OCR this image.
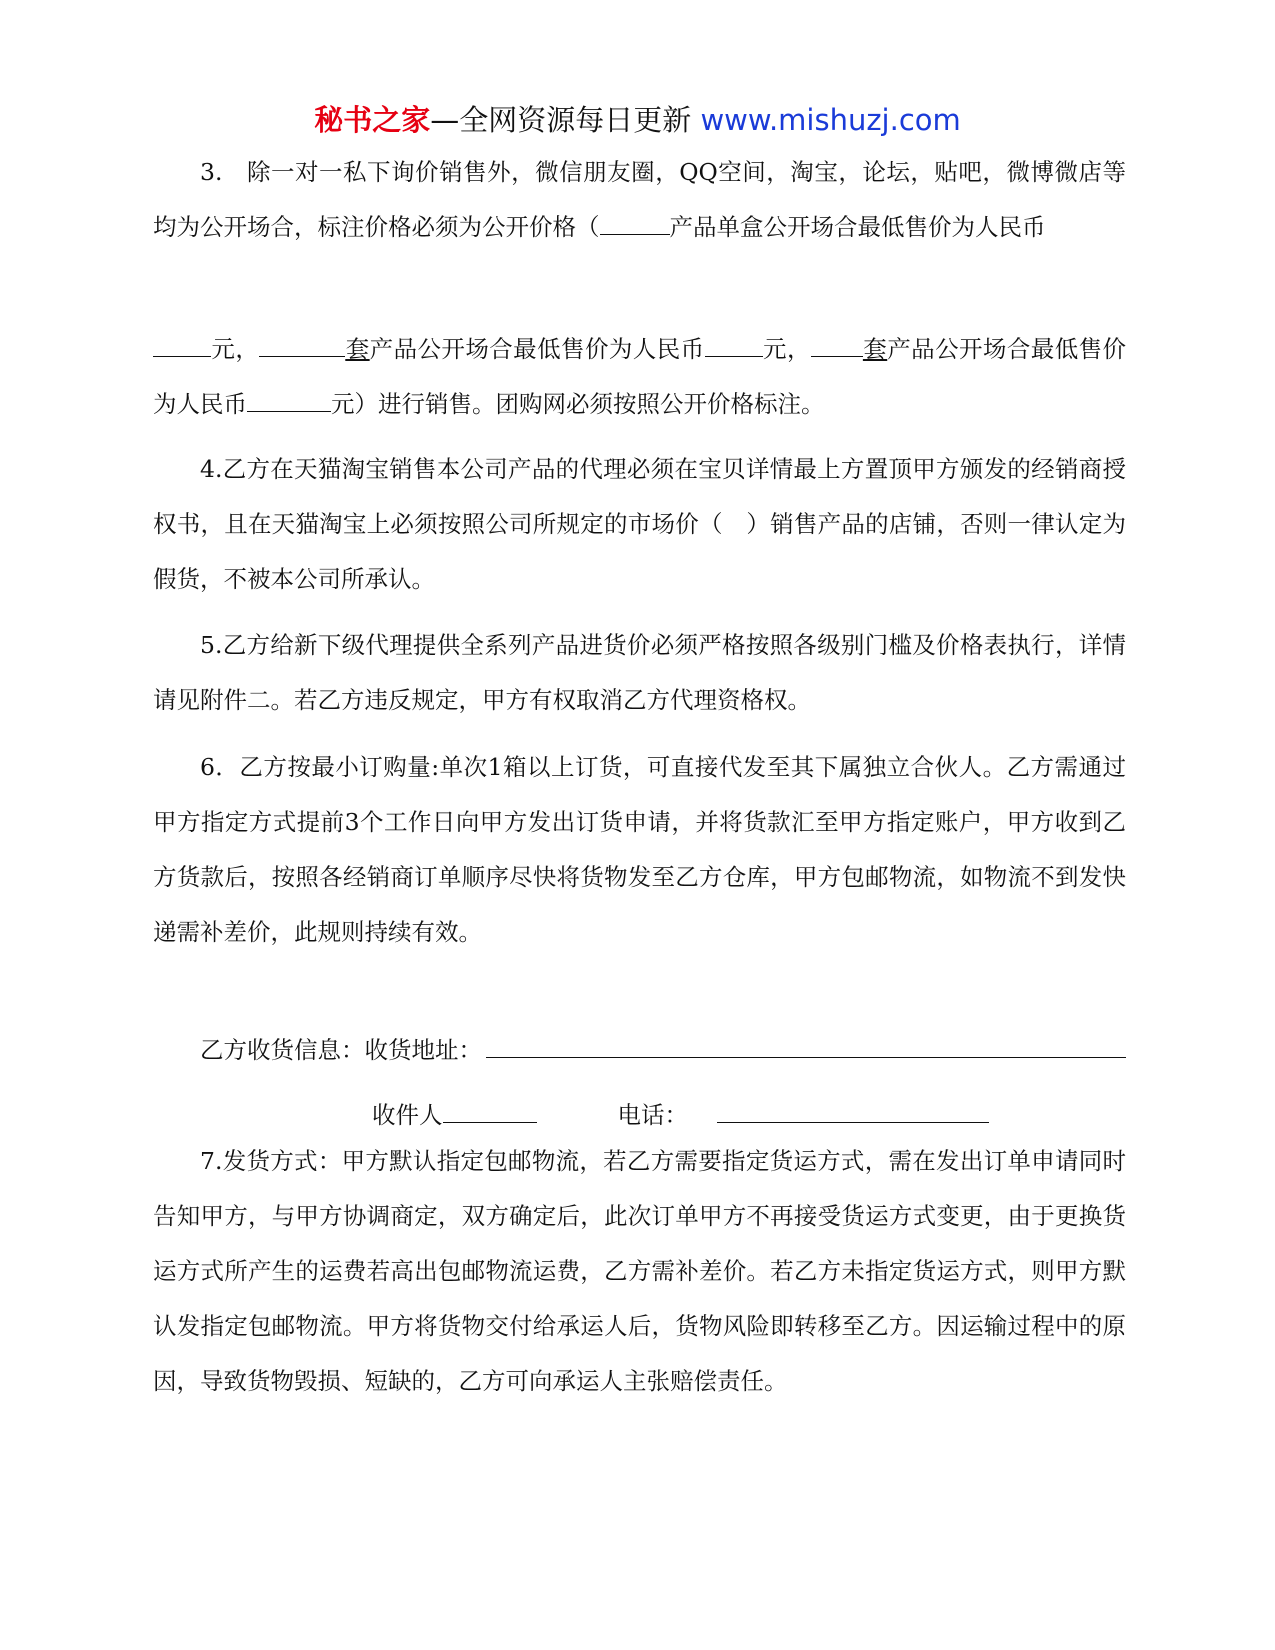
秘书之家—全网资源每日更新 www.mishuzj.com

3.　除一对一私下询价销售外，微信朋友圈，QQ空间，淘宝，论坛，贴吧，微博微店等均为公开场合，标注价格必须为公开价格（	产品单盒公开场合最低售价为人民币

元，	套产品公开场合最低售价为人民币 元， 套产品公开场合最低售价为人民币	元）进行销售。团购网必须按照公开价格标注。

4.乙方在天猫淘宝销售本公司产品的代理必须在宝贝详情最上方置顶甲方颁发的经销商授权书，且在天猫淘宝上必须按照公司所规定的市场价（　）销售产品的店铺，否则一律认定为假货，不被本公司所承认。

5.乙方给新下级代理提供全系列产品进货价必须严格按照各级别门槛及价格表执行，详情请见附件二。若乙方违反规定，甲方有权取消乙方代理资格权。

6．乙方按最小订购量:单次1箱以上订货，可直接代发至其下属独立合伙人。乙方需通过甲方指定方式提前3个工作日向甲方发出订货申请，并将货款汇至甲方指定账户，甲方收到乙方货款后，按照各经销商订单顺序尽快将货物发至乙方仓库，甲方包邮物流，如物流不到发快递需补差价，此规则持续有效。

乙方收货信息：收货地址：
收件人	电话：

7.发货方式：甲方默认指定包邮物流，若乙方需要指定货运方式，需在发出订单申请同时告知甲方，与甲方协调商定，双方确定后，此次订单甲方不再接受货运方式变更，由于更换货运方式所产生的运费若高出包邮物流运费，乙方需补差价。若乙方未指定货运方式，则甲方默认发指定包邮物流。甲方将货物交付给承运人后，货物风险即转移至乙方。因运输过程中的原因，导致货物毁损、短缺的，乙方可向承运人主张赔偿责任。
